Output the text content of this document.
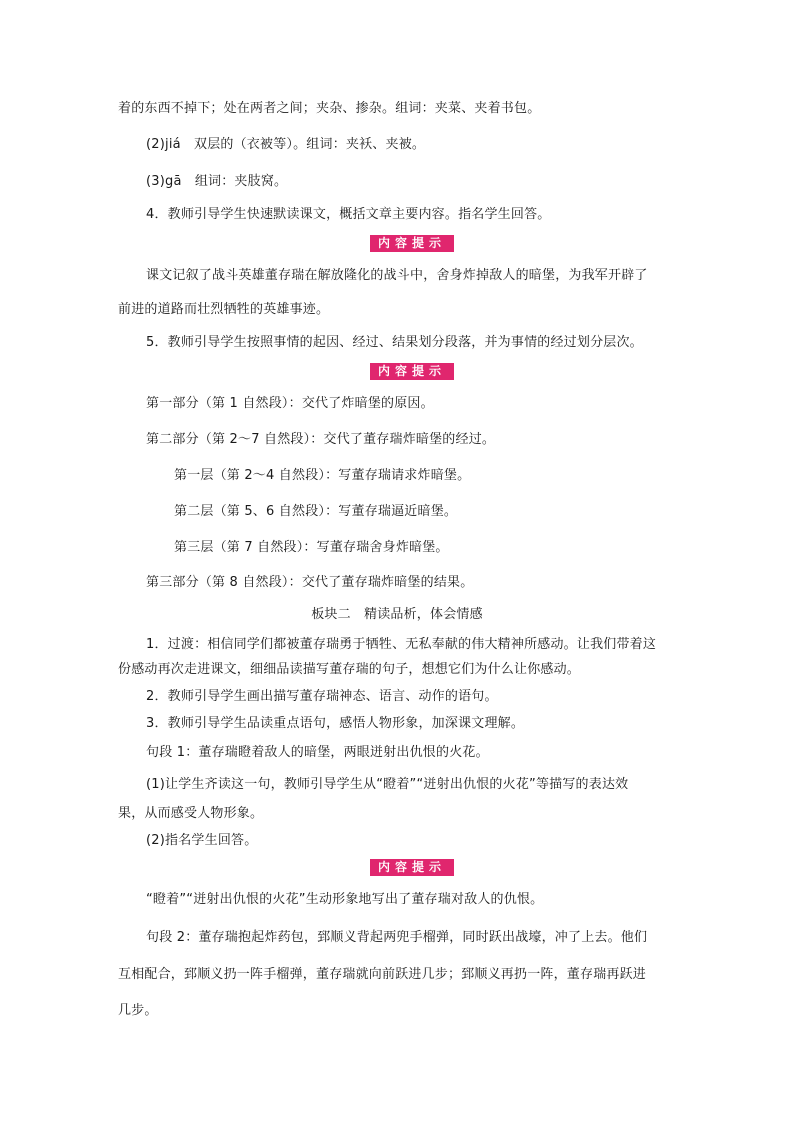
着的东西不掉下；处在两者之间；夹杂、掺杂。组词：夹菜、夹着书包。
(2)jiá　双层的（衣被等）。组词：夹袄、夹被。
(3)gā　组词：夹肢窝。
4．教师引导学生快速默读课文，概括文章主要内容。指名学生回答。
内容提示
课文记叙了战斗英雄董存瑞在解放隆化的战斗中，舍身炸掉敌人的暗堡，为我军开辟了
前进的道路而壮烈牺牲的英雄事迹。
5．教师引导学生按照事情的起因、经过、结果划分段落，并为事情的经过划分层次。
内容提示
第一部分（第 1 自然段）：交代了炸暗堡的原因。
第二部分（第 2～7 自然段）：交代了董存瑞炸暗堡的经过。
第一层（第 2～4 自然段）：写董存瑞请求炸暗堡。
第二层（第 5、6 自然段）：写董存瑞逼近暗堡。
第三层（第 7 自然段）：写董存瑞舍身炸暗堡。
第三部分（第 8 自然段）：交代了董存瑞炸暗堡的结果。
板块二　精读品析，体会情感
1．过渡：相信同学们都被董存瑞勇于牺牲、无私奉献的伟大精神所感动。让我们带着这
份感动再次走进课文，细细品读描写董存瑞的句子，想想它们为什么让你感动。
2．教师引导学生画出描写董存瑞神态、语言、动作的语句。
3．教师引导学生品读重点语句，感悟人物形象，加深课文理解。
句段 1：董存瑞瞪着敌人的暗堡，两眼迸射出仇恨的火花。
(1)让学生齐读这一句，教师引导学生从“瞪着”“迸射出仇恨的火花”等描写的表达效
果，从而感受人物形象。
(2)指名学生回答。
内容提示
“瞪着”“迸射出仇恨的火花”生动形象地写出了董存瑞对敌人的仇恨。
句段 2：董存瑞抱起炸药包，郅顺义背起两兜手榴弹，同时跃出战壕，冲了上去。他们
互相配合，郅顺义扔一阵手榴弹，董存瑞就向前跃进几步；郅顺义再扔一阵，董存瑞再跃进
几步。
